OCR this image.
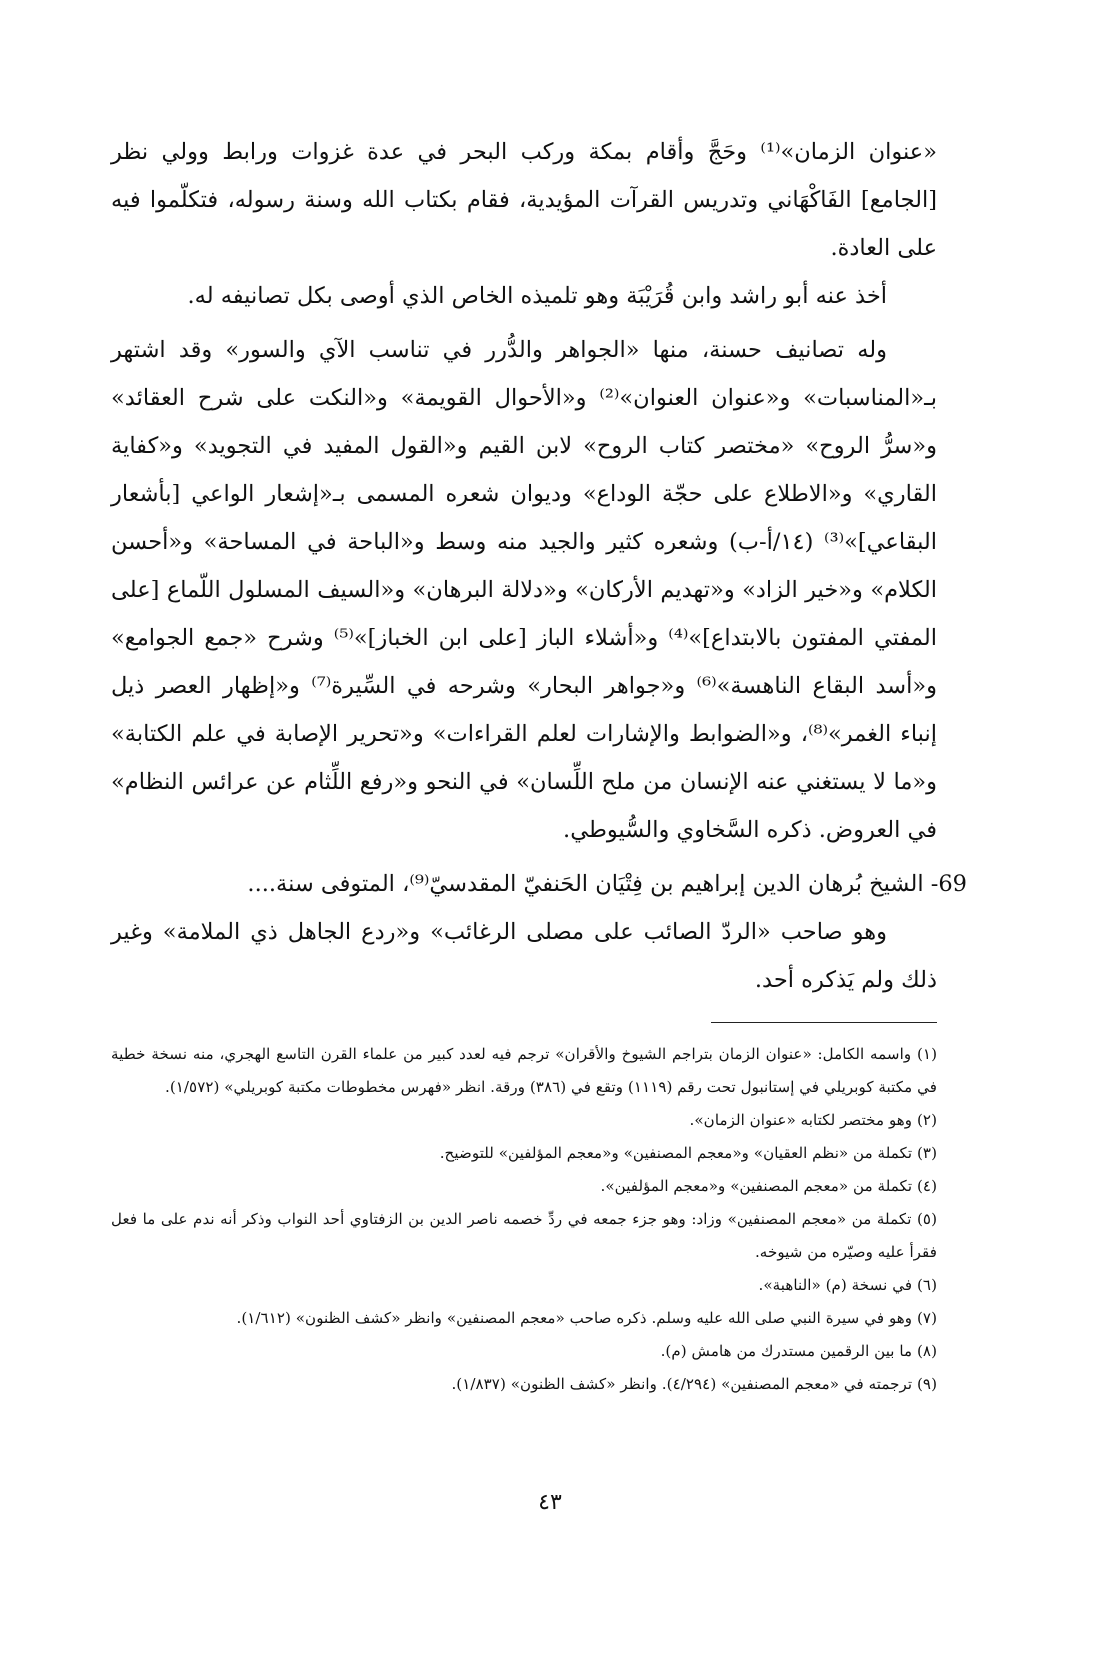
«عنوان الزمان»⁽¹⁾ وحَجَّ وأقام بمكة وركب البحر في عدة غزوات ورابط وولي نظر [الجامع] الفَاكْهَاني وتدريس القرآت المؤيدية، فقام بكتاب الله وسنة رسوله، فتكلّموا فيه على العادة.

أخذ عنه أبو راشد وابن قُرَيْبَة وهو تلميذه الخاص الذي أوصى بكل تصانيفه له.

وله تصانيف حسنة، منها «الجواهر والدُّرر في تناسب الآي والسور» وقد اشتهر بـ«المناسبات» و«عنوان العنوان»⁽²⁾ و«الأحوال القويمة» و«النكت على شرح العقائد» و«سرُّ الروح» «مختصر كتاب الروح» لابن القيم و«القول المفيد في التجويد» و«كفاية القاري» و«الاطلاع على حجّة الوداع» وديوان شعره المسمى بـ«إشعار الواعي [بأشعار البقاعي]»⁽³⁾ (١٤/أ-ب) وشعره كثير والجيد منه وسط و«الباحة في المساحة» و«أحسن الكلام» و«خير الزاد» و«تهديم الأركان» و«دلالة البرهان» و«السيف المسلول اللّماع [على المفتي المفتون بالابتداع]»⁽⁴⁾ و«أشلاء الباز [على ابن الخباز]»⁽⁵⁾ وشرح «جمع الجوامع» و«أسد البقاع الناهسة»⁽⁶⁾ و«جواهر البحار» وشرحه في السِّيرة⁽⁷⁾ و«إظهار العصر ذيل إنباء الغمر»⁽⁸⁾، و«الضوابط والإشارات لعلم القراءات» و«تحرير الإصابة في علم الكتابة» و«ما لا يستغني عنه الإنسان من ملح اللِّسان» في النحو و«رفع اللِّثام عن عرائس النظام» في العروض. ذكره السَّخاوي والسُّيوطي.

69- الشيخ بُرهان الدين إبراهيم بن فِتْيَان الحَنفيّ المقدسيّ⁽⁹⁾، المتوفى سنة....

وهو صاحب «الردّ الصائب على مصلى الرغائب» و«ردع الجاهل ذي الملامة» وغير ذلك ولم يَذكره أحد.

(١) واسمه الكامل: «عنوان الزمان بتراجم الشيوخ والأقران» ترجم فيه لعدد كبير من علماء القرن التاسع الهجري، منه نسخة خطية في مكتبة كوبريلي في إستانبول تحت رقم (١١١٩) وتقع في (٣٨٦) ورقة. انظر «فهرس مخطوطات مكتبة كوبريلي» (١/٥٧٢).

(٢) وهو مختصر لكتابه «عنوان الزمان».

(٣) تكملة من «نظم العقيان» و«معجم المصنفين» و«معجم المؤلفين» للتوضيح.

(٤) تكملة من «معجم المصنفين» و«معجم المؤلفين».

(٥) تكملة من «معجم المصنفين» وزاد: وهو جزء جمعه في ردِّ خصمه ناصر الدين بن الزفتاوي أحد النواب وذكر أنه ندم على ما فعل فقرأ عليه وصيّره من شيوخه.

(٦) في نسخة (م) «الناهبة».

(٧) وهو في سيرة النبي صلى الله عليه وسلم. ذكره صاحب «معجم المصنفين» وانظر «كشف الظنون» (١/٦١٢).

(٨) ما بين الرقمين مستدرك من هامش (م).

(٩) ترجمته في «معجم المصنفين» (٤/٢٩٤). وانظر «كشف الظنون» (١/٨٣٧).

٤٣
